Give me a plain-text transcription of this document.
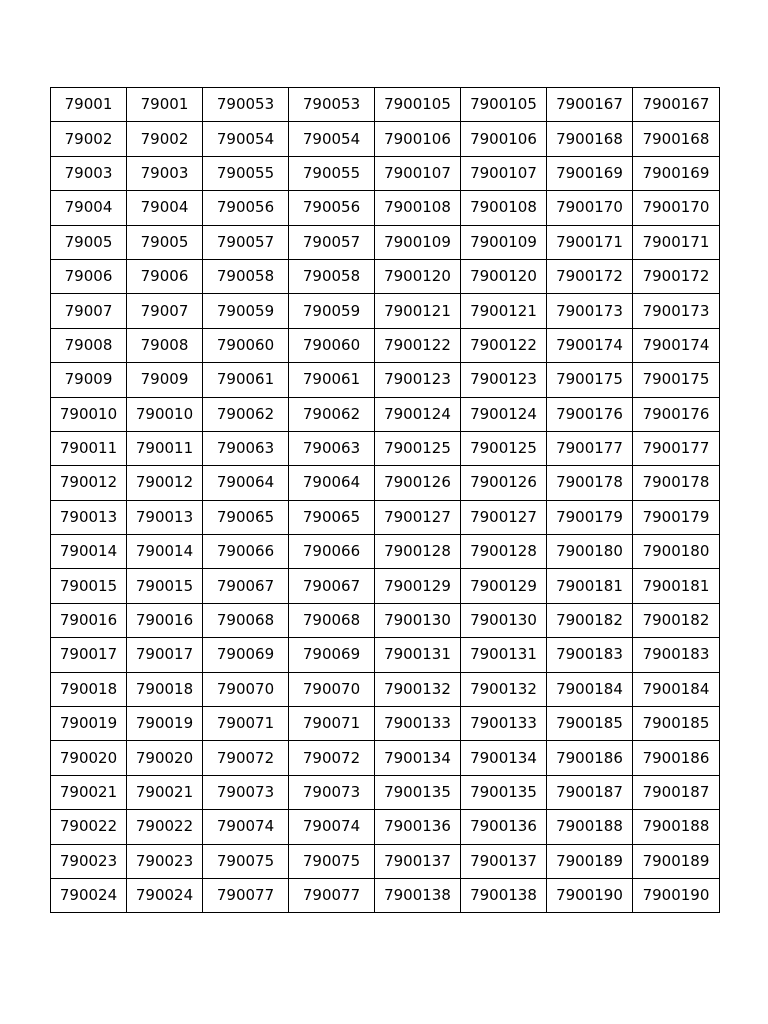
79001	79001	790053	790053	7900105	7900105	7900167	7900167
79002	79002	790054	790054	7900106	7900106	7900168	7900168
79003	79003	790055	790055	7900107	7900107	7900169	7900169
79004	79004	790056	790056	7900108	7900108	7900170	7900170
79005	79005	790057	790057	7900109	7900109	7900171	7900171
79006	79006	790058	790058	7900120	7900120	7900172	7900172
79007	79007	790059	790059	7900121	7900121	7900173	7900173
79008	79008	790060	790060	7900122	7900122	7900174	7900174
79009	79009	790061	790061	7900123	7900123	7900175	7900175
790010	790010	790062	790062	7900124	7900124	7900176	7900176
790011	790011	790063	790063	7900125	7900125	7900177	7900177
790012	790012	790064	790064	7900126	7900126	7900178	7900178
790013	790013	790065	790065	7900127	7900127	7900179	7900179
790014	790014	790066	790066	7900128	7900128	7900180	7900180
790015	790015	790067	790067	7900129	7900129	7900181	7900181
790016	790016	790068	790068	7900130	7900130	7900182	7900182
790017	790017	790069	790069	7900131	7900131	7900183	7900183
790018	790018	790070	790070	7900132	7900132	7900184	7900184
790019	790019	790071	790071	7900133	7900133	7900185	7900185
790020	790020	790072	790072	7900134	7900134	7900186	7900186
790021	790021	790073	790073	7900135	7900135	7900187	7900187
790022	790022	790074	790074	7900136	7900136	7900188	7900188
790023	790023	790075	790075	7900137	7900137	7900189	7900189
790024	790024	790077	790077	7900138	7900138	7900190	7900190
